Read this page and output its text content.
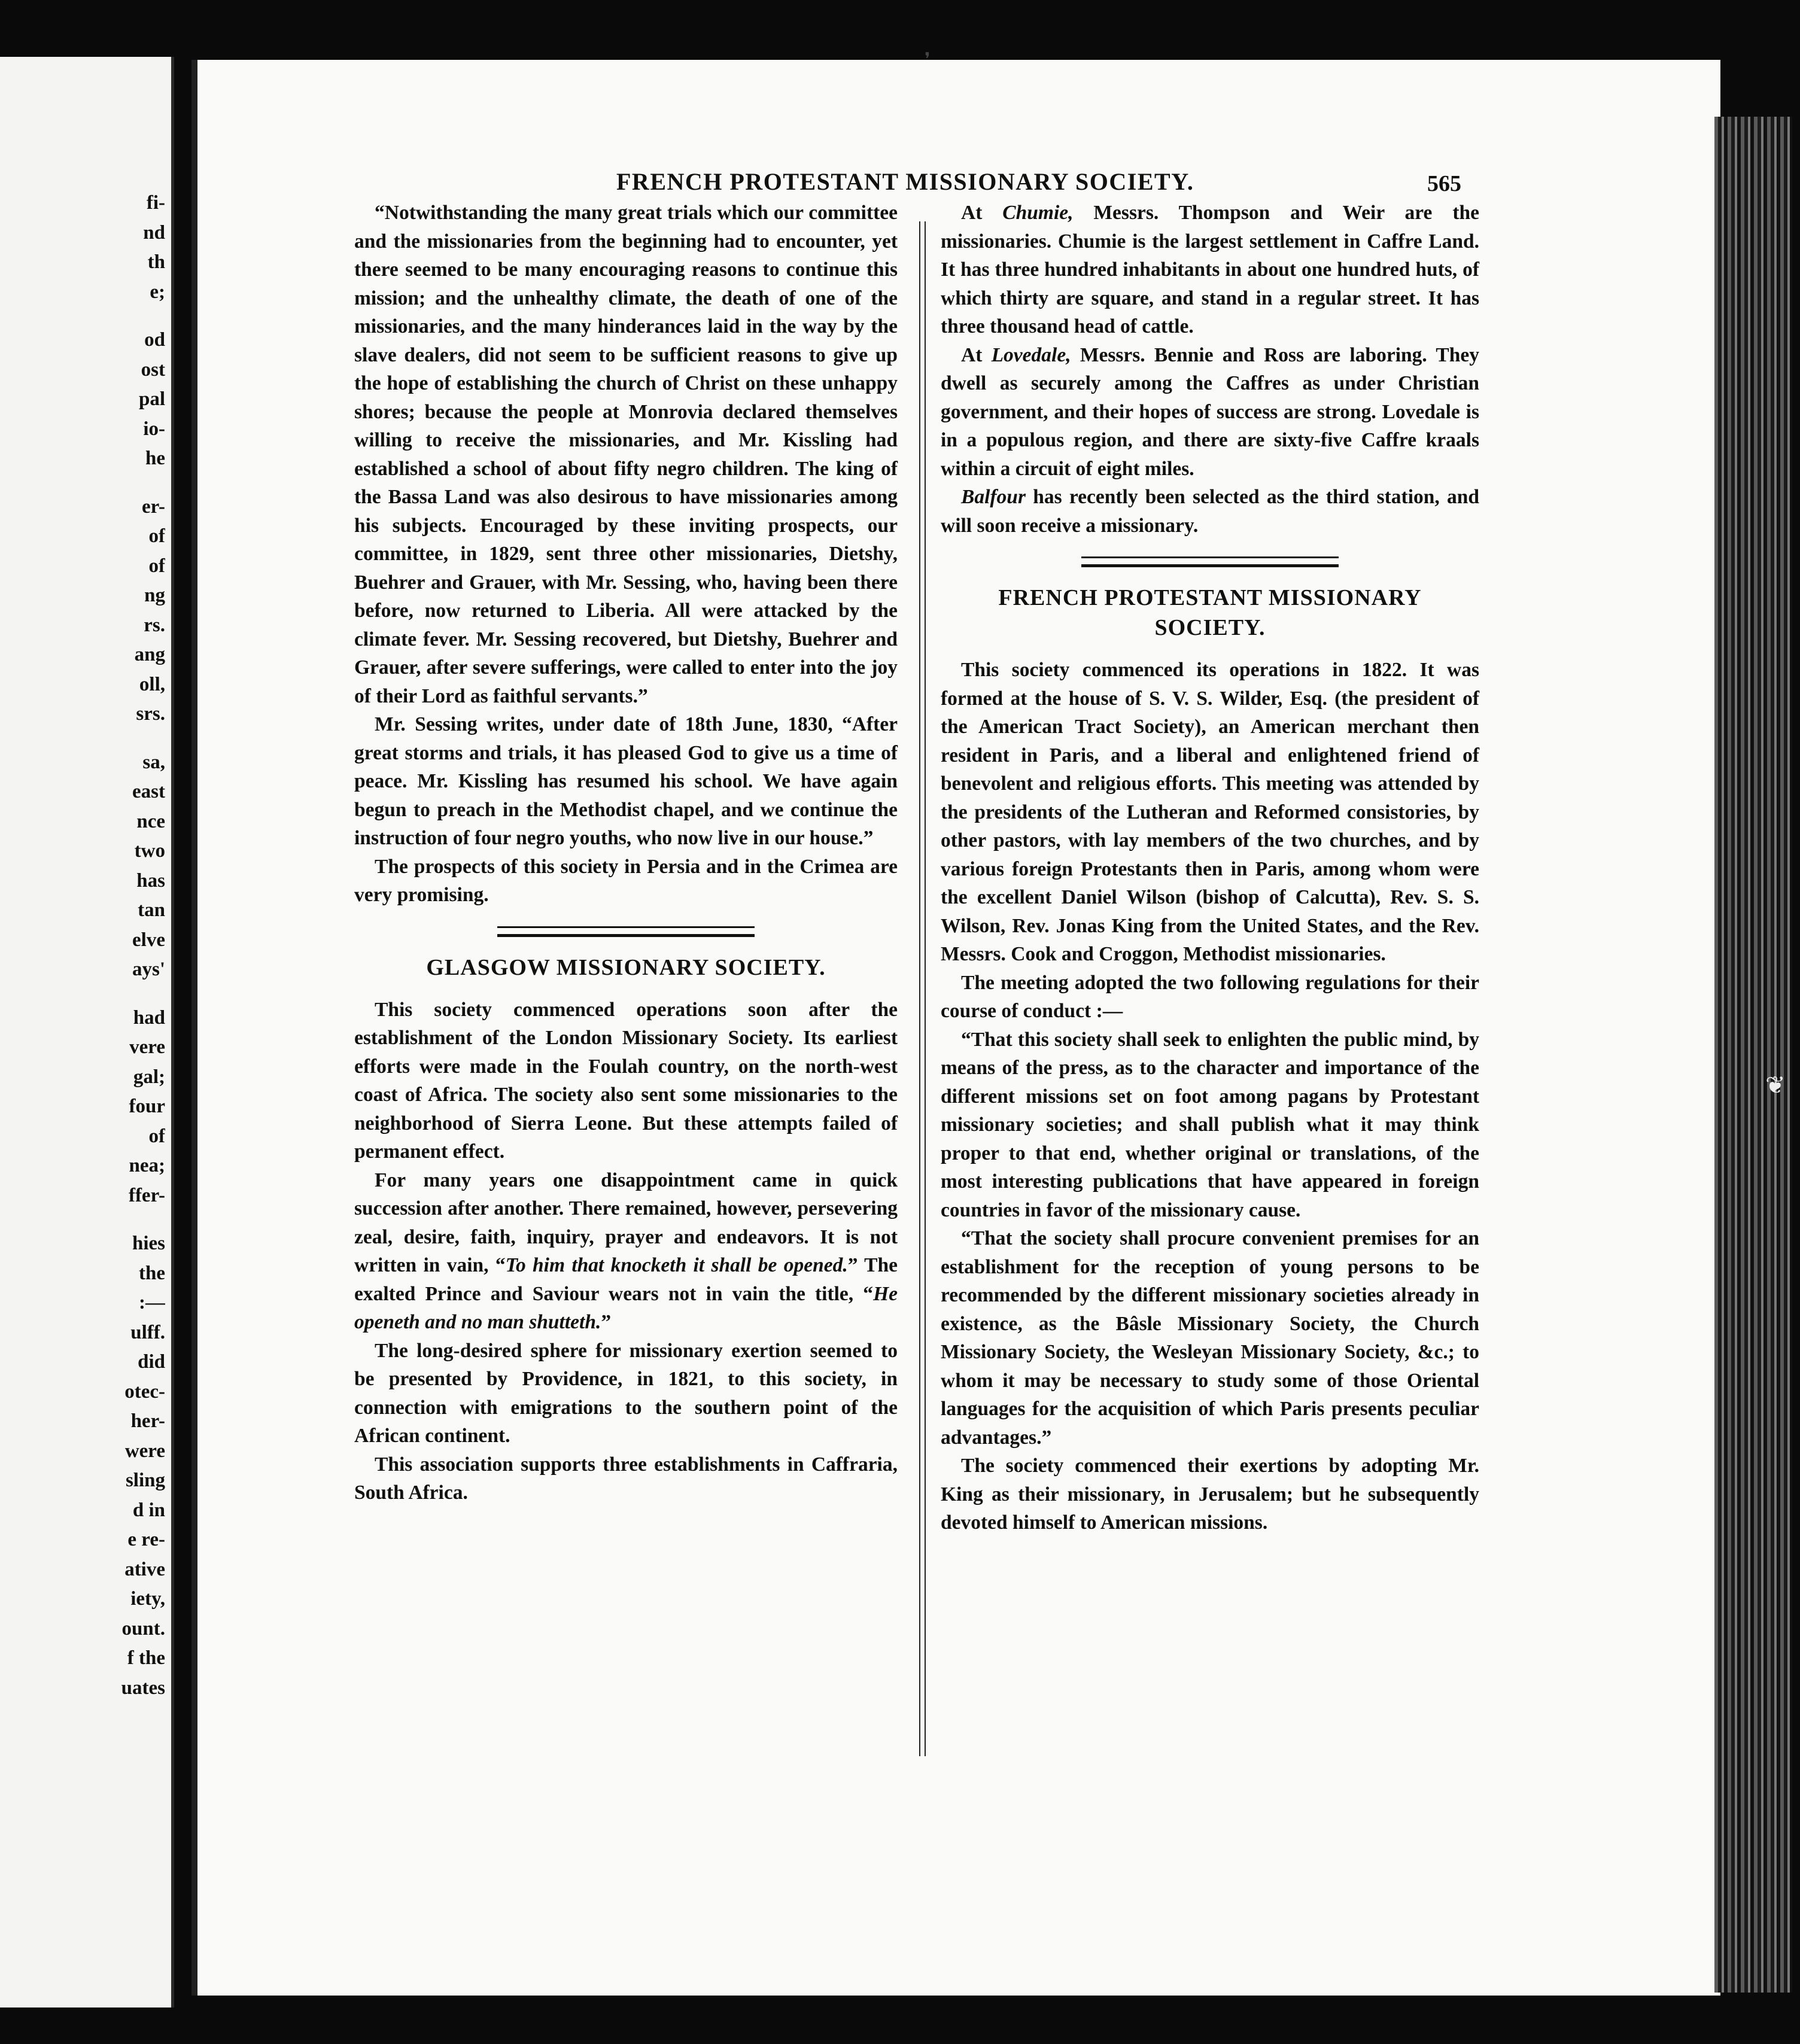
fi-
nd
th
e;
od
ost
pal
io-
he
er-
of
of
ng
rs.
ang
oll,
srs.
sa,
east
nce
two
has
tan
elve
ays'
had
vere
gal;
four
of
nea;
ffer-
hies
the
:—
ulff.
did
otec-
her-
were
sling
d in
e re-
ative
iety,
ount.
f the
uates
❜
❦
FRENCH PROTESTANT MISSIONARY SOCIETY.	565

“Notwithstanding the many great trials which our committee and the missionaries from the beginning had to encounter, yet there seemed to be many encouraging reasons to continue this mission; and the unhealthy climate, the death of one of the missionaries, and the many hinderances laid in the way by the slave dealers, did not seem to be sufficient reasons to give up the hope of establishing the church of Christ on these unhappy shores; because the people at Monrovia declared themselves willing to receive the missionaries, and Mr. Kissling had established a school of about fifty negro children. The king of the Bassa Land was also desirous to have missionaries among his subjects. Encouraged by these inviting prospects, our committee, in 1829, sent three other missionaries, Dietshy, Buehrer and Grauer, with Mr. Sessing, who, having been there before, now returned to Liberia. All were attacked by the climate fever. Mr. Sessing recovered, but Dietshy, Buehrer and Grauer, after severe sufferings, were called to enter into the joy of their Lord as faithful servants.”

Mr. Sessing writes, under date of 18th June, 1830, “After great storms and trials, it has pleased God to give us a time of peace. Mr. Kissling has resumed his school. We have again begun to preach in the Methodist chapel, and we continue the instruction of four negro youths, who now live in our house.”

The prospects of this society in Persia and in the Crimea are very promising.

GLASGOW MISSIONARY SOCIETY.

This society commenced operations soon after the establishment of the London Missionary Society. Its earliest efforts were made in the Foulah country, on the north-west coast of Africa. The society also sent some missionaries to the neighborhood of Sierra Leone. But these attempts failed of permanent effect.

For many years one disappointment came in quick succession after another. There remained, however, persevering zeal, desire, faith, inquiry, prayer and endeavors. It is not written in vain, “To him that knocketh it shall be opened.” The exalted Prince and Saviour wears not in vain the title, “He openeth and no man shutteth.”

The long-desired sphere for missionary exertion seemed to be presented by Providence, in 1821, to this society, in connection with emigrations to the southern point of the African continent.

This association supports three establishments in Caffraria, South Africa.

At Chumie, Messrs. Thompson and Weir are the missionaries. Chumie is the largest settlement in Caffre Land. It has three hundred inhabitants in about one hundred huts, of which thirty are square, and stand in a regular street. It has three thousand head of cattle.

At Lovedale, Messrs. Bennie and Ross are laboring. They dwell as securely among the Caffres as under Christian government, and their hopes of success are strong. Lovedale is in a populous region, and there are sixty-five Caffre kraals within a circuit of eight miles.

Balfour has recently been selected as the third station, and will soon receive a missionary.

FRENCH PROTESTANT MISSIONARY
SOCIETY.

This society commenced its operations in 1822. It was formed at the house of S. V. S. Wilder, Esq. (the president of the American Tract Society), an American merchant then resident in Paris, and a liberal and enlightened friend of benevolent and religious efforts. This meeting was attended by the presidents of the Lutheran and Reformed consistories, by other pastors, with lay members of the two churches, and by various foreign Protestants then in Paris, among whom were the excellent Daniel Wilson (bishop of Calcutta), Rev. S. S. Wilson, Rev. Jonas King from the United States, and the Rev. Messrs. Cook and Croggon, Methodist missionaries.

The meeting adopted the two following regulations for their course of conduct :—

“That this society shall seek to enlighten the public mind, by means of the press, as to the character and importance of the different missions set on foot among pagans by Protestant missionary societies; and shall publish what it may think proper to that end, whether original or translations, of the most interesting publications that have appeared in foreign countries in favor of the missionary cause.

“That the society shall procure convenient premises for an establishment for the reception of young persons to be recommended by the different missionary societies already in existence, as the Bâsle Missionary Society, the Church Missionary Society, the Wesleyan Missionary Society, &c.; to whom it may be necessary to study some of those Oriental languages for the acquisition of which Paris presents peculiar advantages.”

The society commenced their exertions by adopting Mr. King as their missionary, in Jerusalem; but he subsequently devoted himself to American missions.
